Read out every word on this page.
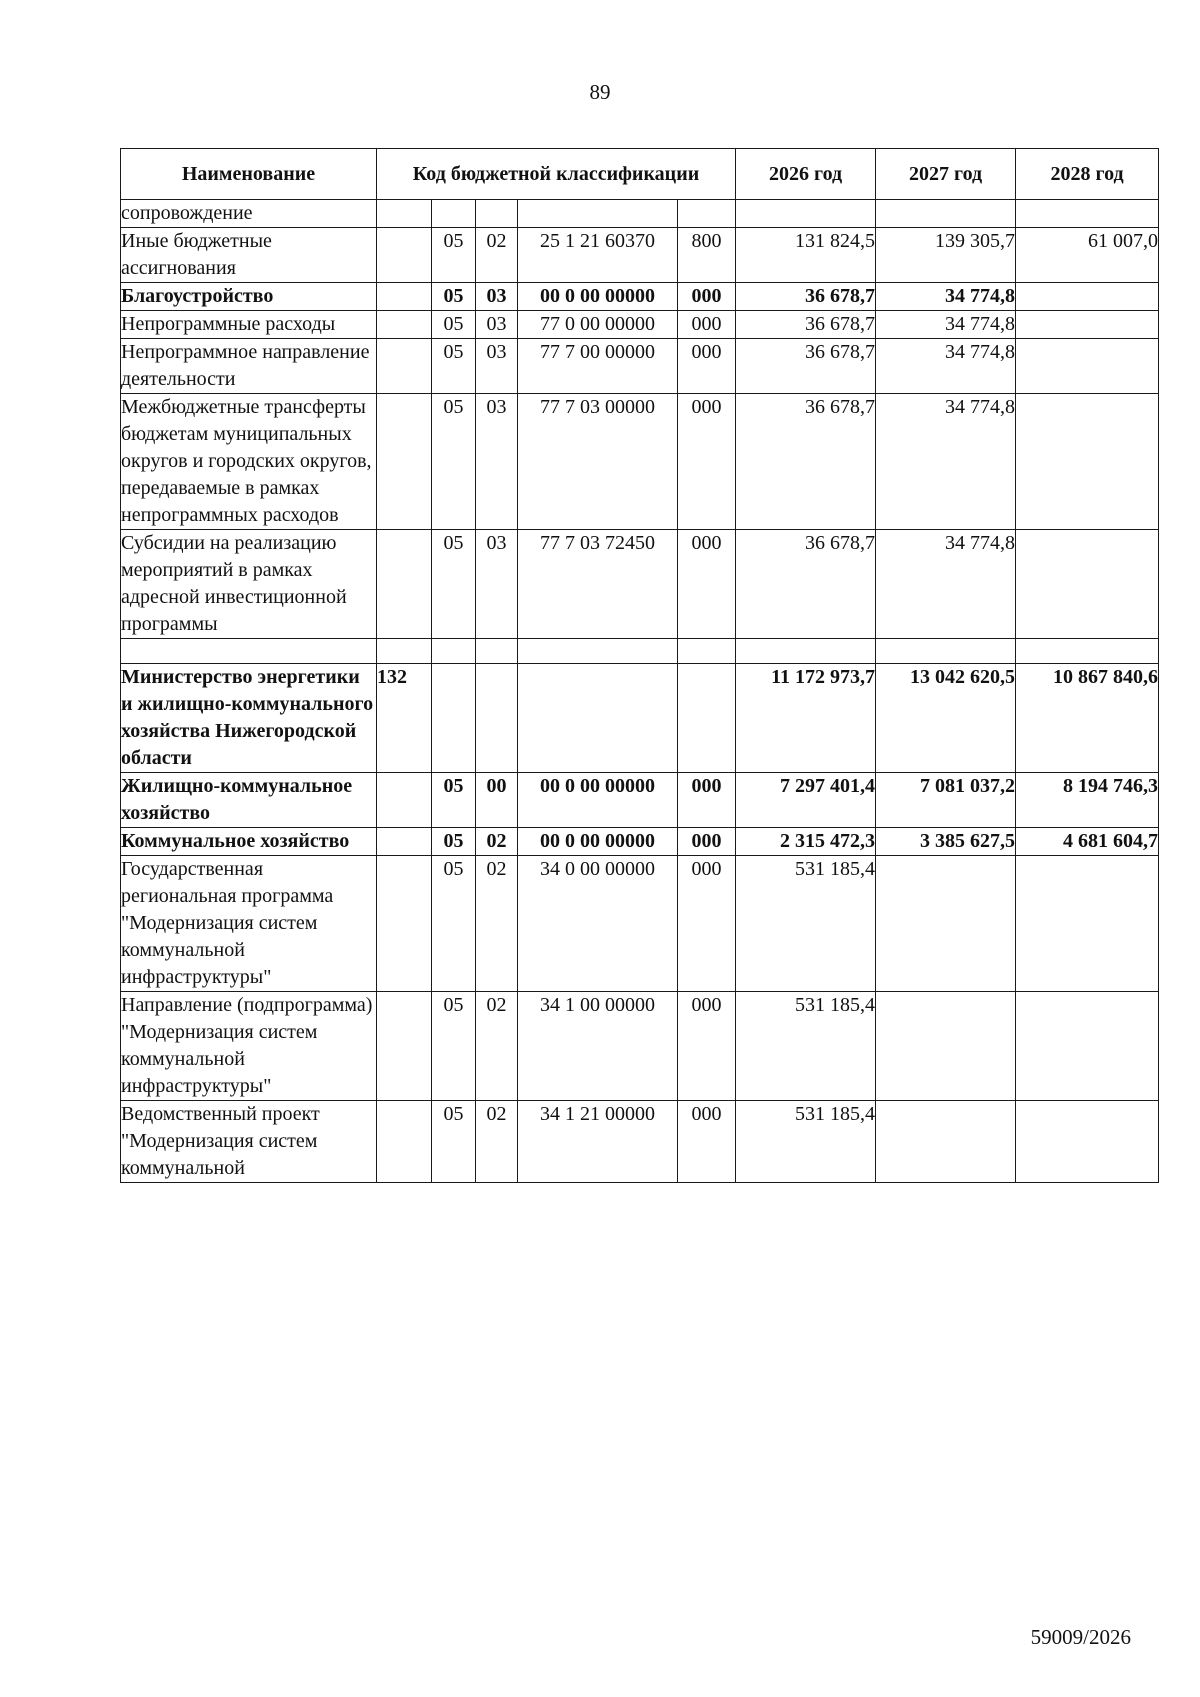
89
Наименование	Код бюджетной классификации					2026 год	2027 год	2028 год
сопровождение								
Иные бюджетные ассигнования		05	02	25 1 21 60370	800	131 824,5	139 305,7	61 007,0
Благоустройство		05	03	00 0 00 00000	000	36 678,7	34 774,8	
Непрограммные расходы		05	03	77 0 00 00000	000	36 678,7	34 774,8	
Непрограммное направление деятельности		05	03	77 7 00 00000	000	36 678,7	34 774,8	
Межбюджетные трансферты бюджетам муниципальных округов и городских округов, передаваемые в рамках непрограммных расходов		05	03	77 7 03 00000	000	36 678,7	34 774,8	
Субсидии на реализацию мероприятий в рамках адресной инвестиционной программы		05	03	77 7 03 72450	000	36 678,7	34 774,8	

Министерство энергетики и жилищно-коммунального хозяйства Нижегородской области	132					11 172 973,7	13 042 620,5	10 867 840,6
Жилищно-коммунальное хозяйство		05	00	00 0 00 00000	000	7 297 401,4	7 081 037,2	8 194 746,3
Коммунальное хозяйство		05	02	00 0 00 00000	000	2 315 472,3	3 385 627,5	4 681 604,7
Государственная региональная программа "Модернизация систем коммунальной инфраструктуры"		05	02	34 0 00 00000	000	531 185,4		
Направление (подпрограмма) "Модернизация систем коммунальной инфраструктуры"		05	02	34 1 00 00000	000	531 185,4		
Ведомственный проект "Модернизация систем коммунальной		05	02	34 1 21 00000	000	531 185,4		
59009/2026
